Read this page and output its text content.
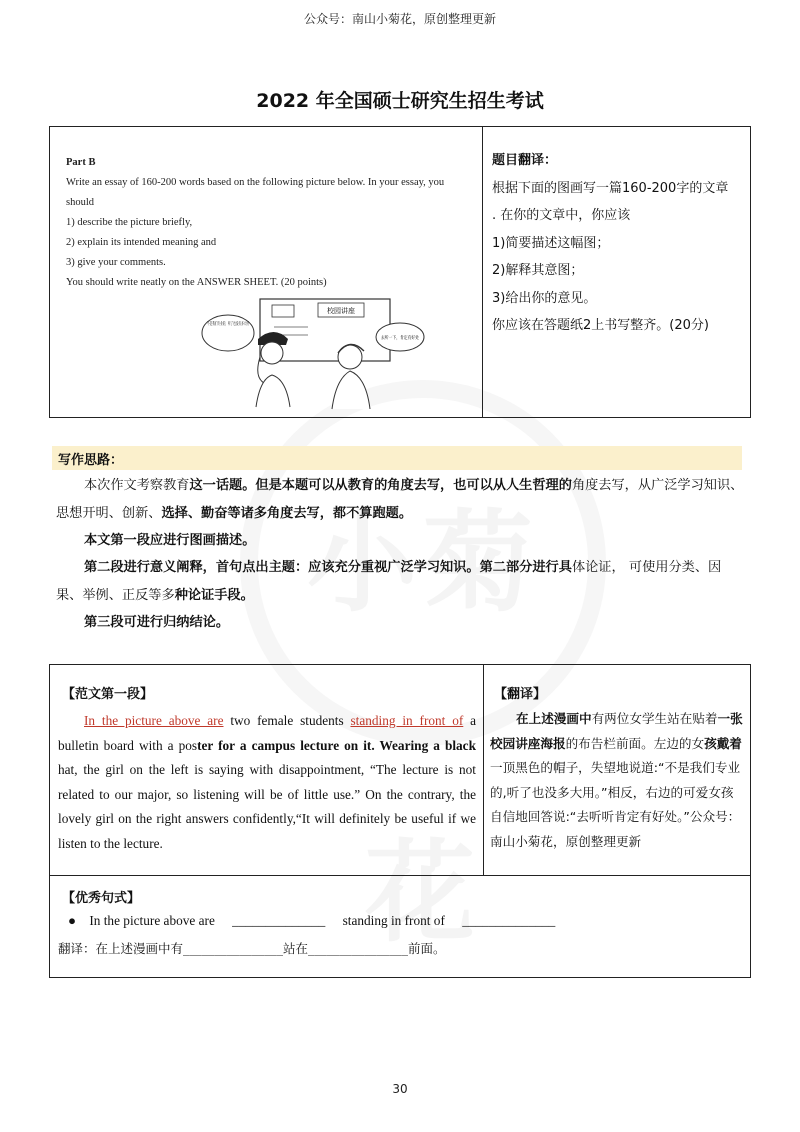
公众号：南山小菊花，原创整理更新
2022 年全国硕士研究生招生考试
Part B
Write an essay of 160-200 words based on the following picture below. In your essay, you should
1) describe the picture briefly,
2) explain its intended meaning and
3) give your comments.
You should write neatly on the ANSWER SHEET. (20 points)
校园讲座
不是我们专业的，听了也没有多大用
去听一下，肯定有好处
题目翻译：
根据下面的图画写一篇160-200字的文章
. 在你的文章中，你应该
1)简要描述这幅图；
2)解释其意图；
3)给出你的意见。
你应该在答题纸2上书写整齐。(20分)
写作思路：
本次作文考察教育这一话题。但是本题可以从教育的角度去写，也可以从人生哲理的角度去写，从广泛学习知识、思想开明、创新、选择、勤奋等诸多角度去写，都不算跑题。
本文第一段应进行图画描述。
第二段进行意义阐释，首句点出主题：应该充分重视广泛学习知识。第二部分进行具体论证， 可使用分类、因果、举例、正反等多种论证手段。
第三段可进行归纳结论。
【范文第一段】
In the picture above are two female students standing in front of a bulletin board with a poster for a campus lecture on it. Wearing a black hat, the girl on the left is saying with disappointment, “The lecture is not related to our major, so listening will be of little use.” On the contrary, the lovely girl on the right answers confidently,“It will definitely be useful if we listen to the lecture.
【翻译】
在上述漫画中有两位女学生站在贴着一张校园讲座海报的布告栏前面。左边的女孩戴着一顶黑色的帽子，失望地说道:“不是我们专业的,听了也没多大用。”相反，右边的可爱女孩自信地回答说:“去听听肯定有好处。”公众号：南山小菊花，原创整理更新
【优秀句式】
● In the picture above are ______________ standing in front of ______________
翻译：在上述漫画中有________________站在________________前面。
30
